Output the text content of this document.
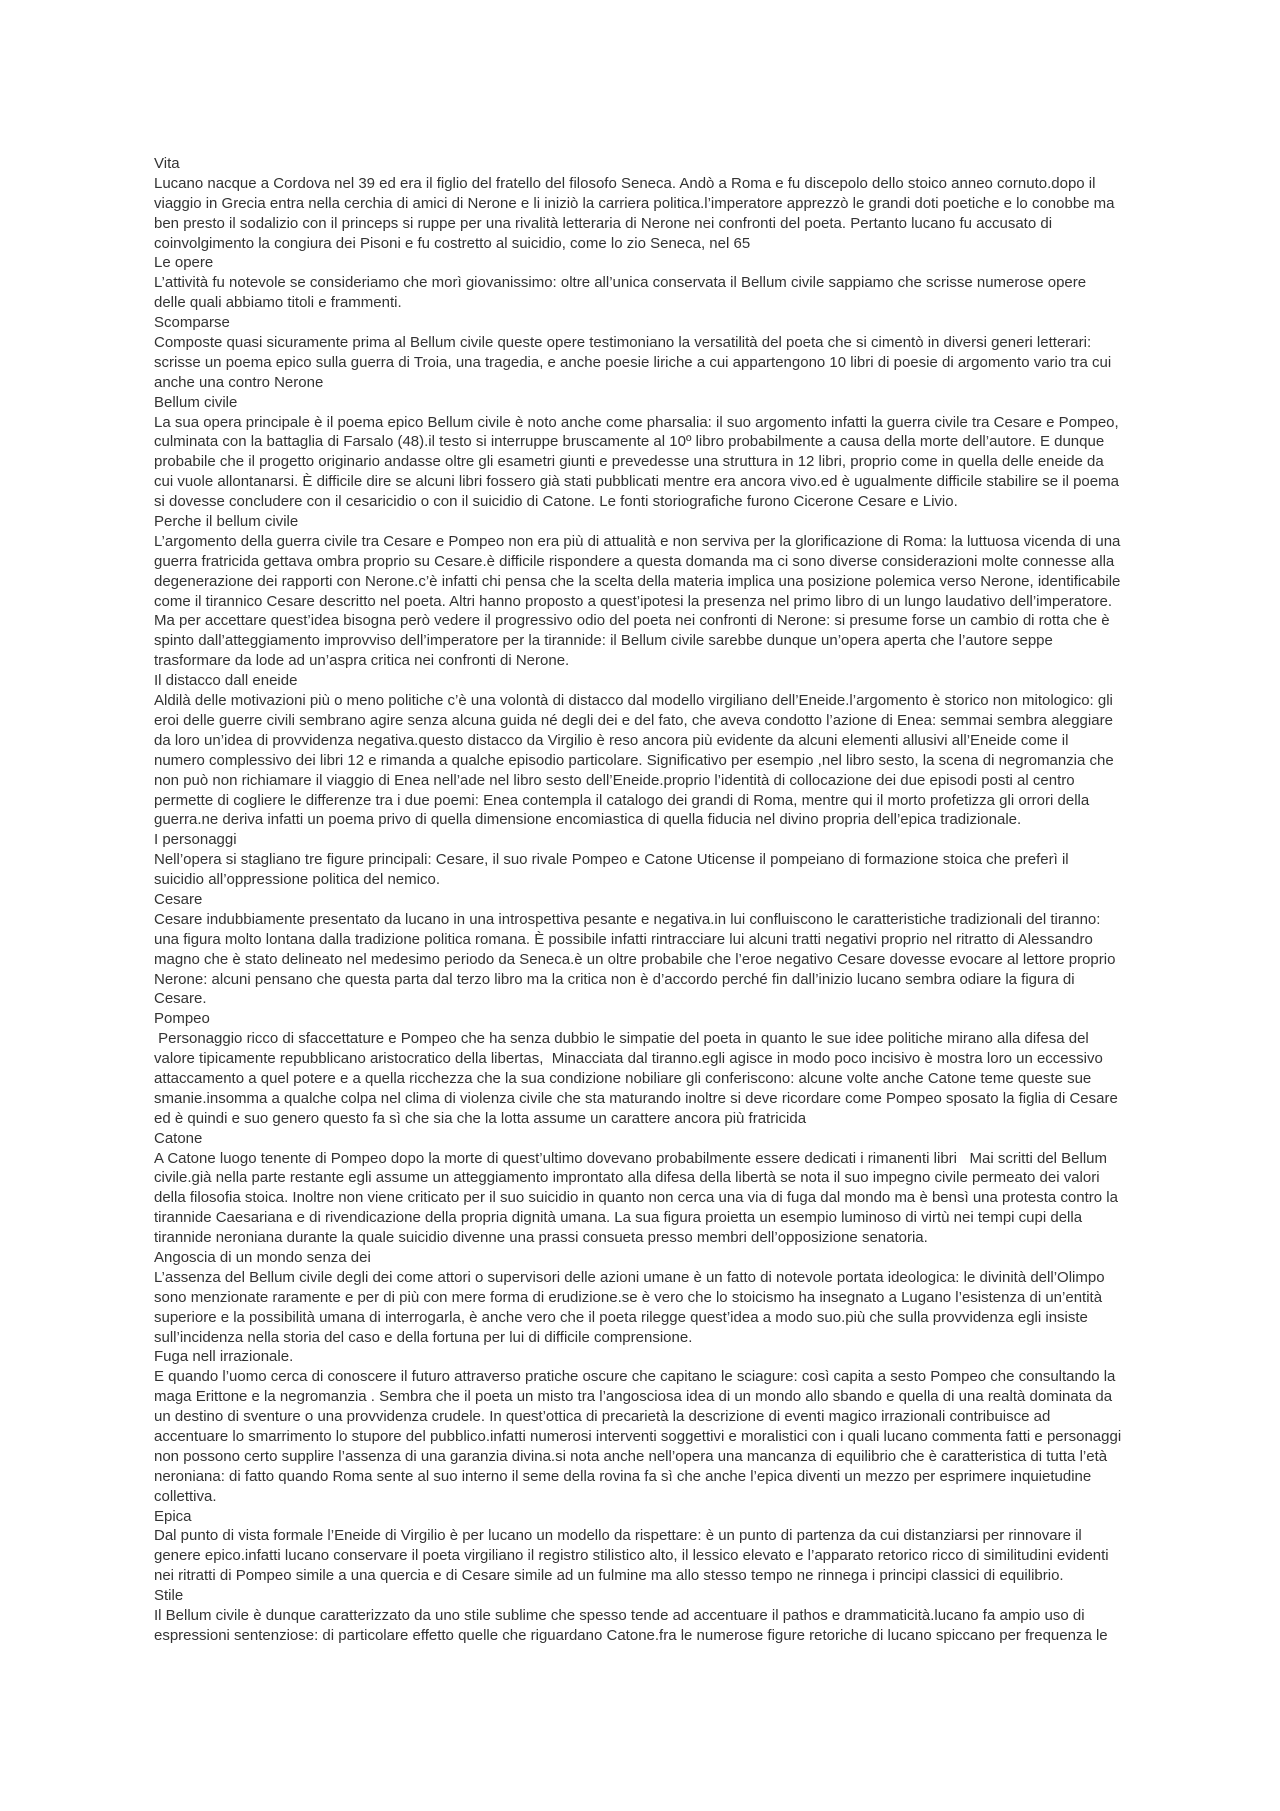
Vita
Lucano nacque a Cordova nel 39 ed era il figlio del fratello del filosofo Seneca. Andò a Roma e fu discepolo dello stoico anneo cornuto.dopo il
viaggio in Grecia entra nella cerchia di amici di Nerone e li iniziò la carriera politica.l’imperatore apprezzò le grandi doti poetiche e lo conobbe ma
ben presto il sodalizio con il princeps si ruppe per una rivalità letteraria di Nerone nei confronti del poeta. Pertanto lucano fu accusato di
coinvolgimento la congiura dei Pisoni e fu costretto al suicidio, come lo zio Seneca, nel 65
Le opere
L’attività fu notevole se consideriamo che morì giovanissimo: oltre all’unica conservata il Bellum civile sappiamo che scrisse numerose opere
delle quali abbiamo titoli e frammenti.
Scomparse
Composte quasi sicuramente prima al Bellum civile queste opere testimoniano la versatilità del poeta che si cimentò in diversi generi letterari:
scrisse un poema epico sulla guerra di Troia, una tragedia, e anche poesie liriche a cui appartengono 10 libri di poesie di argomento vario tra cui
anche una contro Nerone
Bellum civile
La sua opera principale è il poema epico Bellum civile è noto anche come pharsalia: il suo argomento infatti la guerra civile tra Cesare e Pompeo,
culminata con la battaglia di Farsalo (48).il testo si interruppe bruscamente al 10º libro probabilmente a causa della morte dell’autore. E dunque
probabile che il progetto originario andasse oltre gli esametri giunti e prevedesse una struttura in 12 libri, proprio come in quella delle eneide da
cui vuole allontanarsi. È difficile dire se alcuni libri fossero già stati pubblicati mentre era ancora vivo.ed è ugualmente difficile stabilire se il poema
si dovesse concludere con il cesaricidio o con il suicidio di Catone. Le fonti storiografiche furono Cicerone Cesare e Livio.
Perche il bellum civile
L’argomento della guerra civile tra Cesare e Pompeo non era più di attualità e non serviva per la glorificazione di Roma: la luttuosa vicenda di una
guerra fratricida gettava ombra proprio su Cesare.è difficile rispondere a questa domanda ma ci sono diverse considerazioni molte connesse alla
degenerazione dei rapporti con Nerone.c’è infatti chi pensa che la scelta della materia implica una posizione polemica verso Nerone, identificabile
come il tirannico Cesare descritto nel poeta. Altri hanno proposto a quest’ipotesi la presenza nel primo libro di un lungo laudativo dell’imperatore.
Ma per accettare quest’idea bisogna però vedere il progressivo odio del poeta nei confronti di Nerone: si presume forse un cambio di rotta che è
spinto dall’atteggiamento improvviso dell’imperatore per la tirannide: il Bellum civile sarebbe dunque un’opera aperta che l’autore seppe
trasformare da lode ad un’aspra critica nei confronti di Nerone.
Il distacco dall eneide
Aldilà delle motivazioni più o meno politiche c’è una volontà di distacco dal modello virgiliano dell’Eneide.l’argomento è storico non mitologico: gli
eroi delle guerre civili sembrano agire senza alcuna guida né degli dei e del fato, che aveva condotto l’azione di Enea: semmai sembra aleggiare
da loro un’idea di provvidenza negativa.questo distacco da Virgilio è reso ancora più evidente da alcuni elementi allusivi all’Eneide come il
numero complessivo dei libri 12 e rimanda a qualche episodio particolare. Significativo per esempio ,nel libro sesto, la scena di negromanzia che
non può non richiamare il viaggio di Enea nell’ade nel libro sesto dell’Eneide.proprio l’identità di collocazione dei due episodi posti al centro
permette di cogliere le differenze tra i due poemi: Enea contempla il catalogo dei grandi di Roma, mentre qui il morto profetizza gli orrori della
guerra.ne deriva infatti un poema privo di quella dimensione encomiastica di quella fiducia nel divino propria dell’epica tradizionale.
I personaggi
Nell’opera si stagliano tre figure principali: Cesare, il suo rivale Pompeo e Catone Uticense il pompeiano di formazione stoica che preferì il
suicidio all’oppressione politica del nemico.
Cesare
Cesare indubbiamente presentato da lucano in una introspettiva pesante e negativa.in lui confluiscono le caratteristiche tradizionali del tiranno:
una figura molto lontana dalla tradizione politica romana. È possibile infatti rintracciare lui alcuni tratti negativi proprio nel ritratto di Alessandro
magno che è stato delineato nel medesimo periodo da Seneca.è un oltre probabile che l’eroe negativo Cesare dovesse evocare al lettore proprio
Nerone: alcuni pensano che questa parta dal terzo libro ma la critica non è d’accordo perché fin dall’inizio lucano sembra odiare la figura di
Cesare.
Pompeo
Personaggio ricco di sfaccettature e Pompeo che ha senza dubbio le simpatie del poeta in quanto le sue idee politiche mirano alla difesa del
valore tipicamente repubblicano aristocratico della libertas,  Minacciata dal tiranno.egli agisce in modo poco incisivo è mostra loro un eccessivo
attaccamento a quel potere e a quella ricchezza che la sua condizione nobiliare gli conferiscono: alcune volte anche Catone teme queste sue
smanie.insomma a qualche colpa nel clima di violenza civile che sta maturando inoltre si deve ricordare come Pompeo sposato la figlia di Cesare
ed è quindi e suo genero questo fa sì che sia che la lotta assume un carattere ancora più fratricida
Catone
A Catone luogo tenente di Pompeo dopo la morte di quest’ultimo dovevano probabilmente essere dedicati i rimanenti libri   Mai scritti del Bellum
civile.già nella parte restante egli assume un atteggiamento improntato alla difesa della libertà se nota il suo impegno civile permeato dei valori
della filosofia stoica. Inoltre non viene criticato per il suo suicidio in quanto non cerca una via di fuga dal mondo ma è bensì una protesta contro la
tirannide Caesariana e di rivendicazione della propria dignità umana. La sua figura proietta un esempio luminoso di virtù nei tempi cupi della
tirannide neroniana durante la quale suicidio divenne una prassi consueta presso membri dell’opposizione senatoria.
Angoscia di un mondo senza dei
L’assenza del Bellum civile degli dei come attori o supervisori delle azioni umane è un fatto di notevole portata ideologica: le divinità dell’Olimpo
sono menzionate raramente e per di più con mere forma di erudizione.se è vero che lo stoicismo ha insegnato a Lugano l’esistenza di un’entità
superiore e la possibilità umana di interrogarla, è anche vero che il poeta rilegge quest’idea a modo suo.più che sulla provvidenza egli insiste
sull’incidenza nella storia del caso e della fortuna per lui di difficile comprensione.
Fuga nell irrazionale.
E quando l’uomo cerca di conoscere il futuro attraverso pratiche oscure che capitano le sciagure: così capita a sesto Pompeo che consultando la
maga Erittone e la negromanzia . Sembra che il poeta un misto tra l’angosciosa idea di un mondo allo sbando e quella di una realtà dominata da
un destino di sventure o una provvidenza crudele. In quest’ottica di precarietà la descrizione di eventi magico irrazionali contribuisce ad
accentuare lo smarrimento lo stupore del pubblico.infatti numerosi interventi soggettivi e moralistici con i quali lucano commenta fatti e personaggi
non possono certo supplire l’assenza di una garanzia divina.si nota anche nell’opera una mancanza di equilibrio che è caratteristica di tutta l’età
neroniana: di fatto quando Roma sente al suo interno il seme della rovina fa sì che anche l’epica diventi un mezzo per esprimere inquietudine
collettiva.
Epica
Dal punto di vista formale l’Eneide di Virgilio è per lucano un modello da rispettare: è un punto di partenza da cui distanziarsi per rinnovare il
genere epico.infatti lucano conservare il poeta virgiliano il registro stilistico alto, il lessico elevato e l’apparato retorico ricco di similitudini evidenti
nei ritratti di Pompeo simile a una quercia e di Cesare simile ad un fulmine ma allo stesso tempo ne rinnega i principi classici di equilibrio.
Stile
Il Bellum civile è dunque caratterizzato da uno stile sublime che spesso tende ad accentuare il pathos e drammaticità.lucano fa ampio uso di
espressioni sentenziose: di particolare effetto quelle che riguardano Catone.fra le numerose figure retoriche di lucano spiccano per frequenza le
